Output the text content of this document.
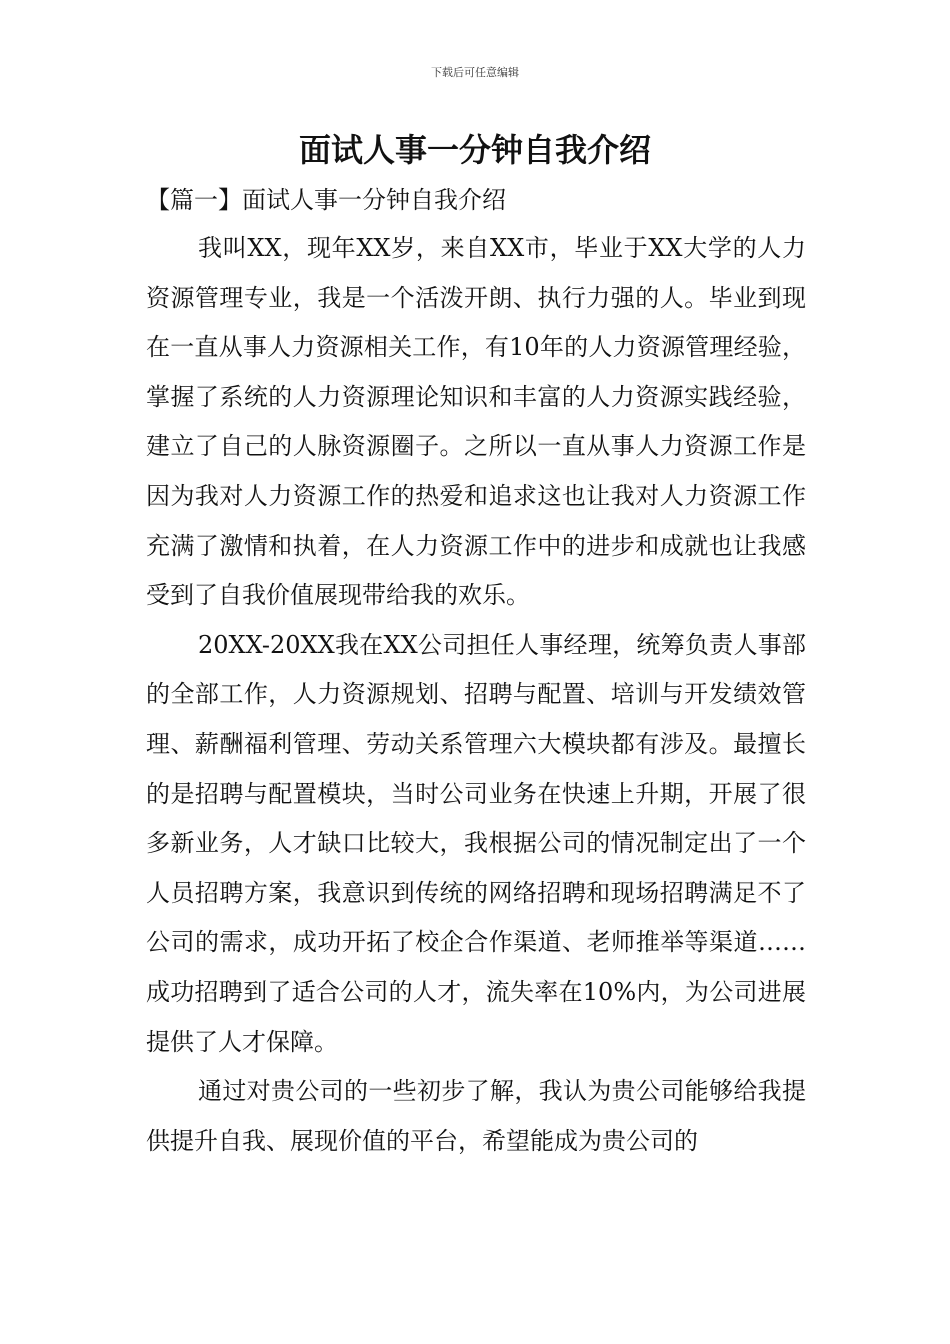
下载后可任意编辑
面试人事一分钟自我介绍
【篇一】面试人事一分钟自我介绍

我叫XX，现年XX岁，来自XX市，毕业于XX大学的人力资源管理专业，我是一个活泼开朗、执行力强的人。毕业到现在一直从事人力资源相关工作，有10年的人力资源管理经验，掌握了系统的人力资源理论知识和丰富的人力资源实践经验，建立了自己的人脉资源圈子。之所以一直从事人力资源工作是因为我对人力资源工作的热爱和追求这也让我对人力资源工作充满了激情和执着，在人力资源工作中的进步和成就也让我感受到了自我价值展现带给我的欢乐。

20XX-20XX我在XX公司担任人事经理，统筹负责人事部的全部工作，人力资源规划、招聘与配置、培训与开发绩效管理、薪酬福利管理、劳动关系管理六大模块都有涉及。最擅长的是招聘与配置模块，当时公司业务在快速上升期，开展了很多新业务，人才缺口比较大，我根据公司的情况制定出了一个人员招聘方案，我意识到传统的网络招聘和现场招聘满足不了公司的需求，成功开拓了校企合作渠道、老师推举等渠道……成功招聘到了适合公司的人才，流失率在10%内，为公司进展提供了人才保障。

通过对贵公司的一些初步了解，我认为贵公司能够给我提供提升自我、展现价值的平台，希望能成为贵公司的
